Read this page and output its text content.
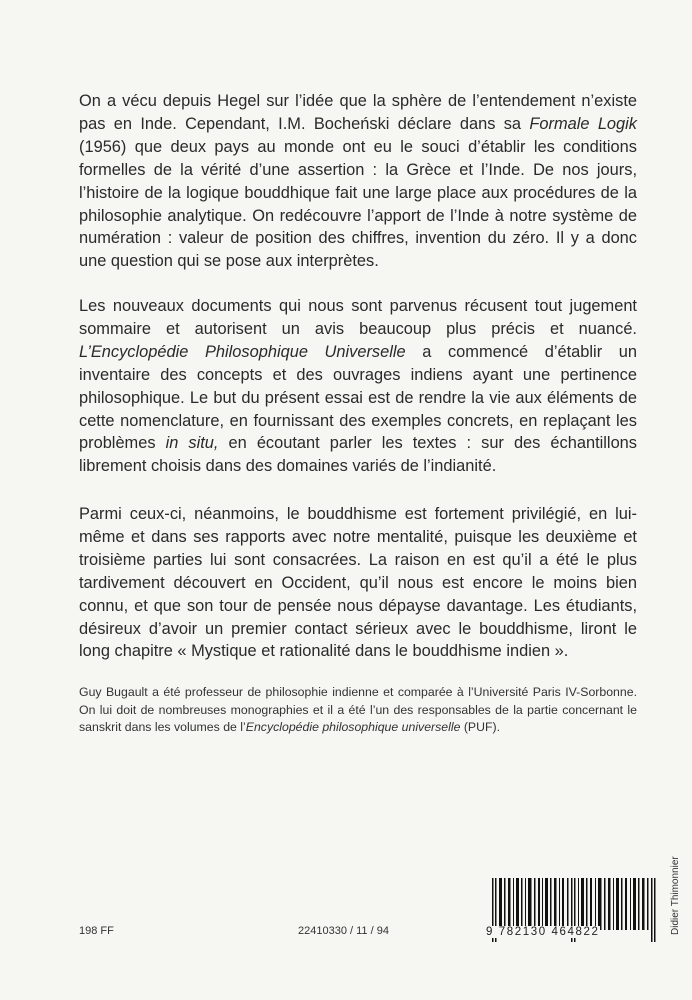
On a vécu depuis Hegel sur l’idée que la sphère de l’entendement n’existe pas en Inde. Cependant, I.M. Bocheński déclare dans sa Formale Logik (1956) que deux pays au monde ont eu le souci d’établir les conditions formelles de la vérité d’une assertion : la Grèce et l’Inde. De nos jours, l’histoire de la logique bouddhique fait une large place aux procédures de la philosophie analytique. On redécouvre l’apport de l’Inde à notre système de numération : valeur de position des chiffres, invention du zéro. Il y a donc une question qui se pose aux interprètes.

Les nouveaux documents qui nous sont parvenus récusent tout jugement sommaire et autorisent un avis beaucoup plus précis et nuancé. L’Encyclopédie Philosophique Universelle a commencé d’établir un inventaire des concepts et des ouvrages indiens ayant une pertinence philosophique. Le but du présent essai est de rendre la vie aux éléments de cette nomenclature, en fournissant des exemples concrets, en replaçant les problèmes in situ, en écoutant parler les textes : sur des échantillons librement choisis dans des domaines variés de l’indianité.

Parmi ceux-ci, néanmoins, le bouddhisme est fortement privilégié, en lui-même et dans ses rapports avec notre mentalité, puisque les deuxième et troisième parties lui sont consacrées. La raison en est qu’il a été le plus tardivement découvert en Occident, qu’il nous est encore le moins bien connu, et que son tour de pensée nous dépayse davantage. Les étudiants, désireux d’avoir un premier contact sérieux avec le bouddhisme, liront le long chapitre « Mystique et rationalité dans le bouddhisme indien ».

Guy Bugault a été professeur de philosophie indienne et comparée à l’Université Paris IV-Sorbonne. On lui doit de nombreuses monographies et il a été l’un des responsables de la partie concernant le sanskrit dans les volumes de l’Encyclopédie philosophique universelle (PUF).

Didier Thimonnier
198 FF	22410330 / 11 / 94	9 782130 464822
